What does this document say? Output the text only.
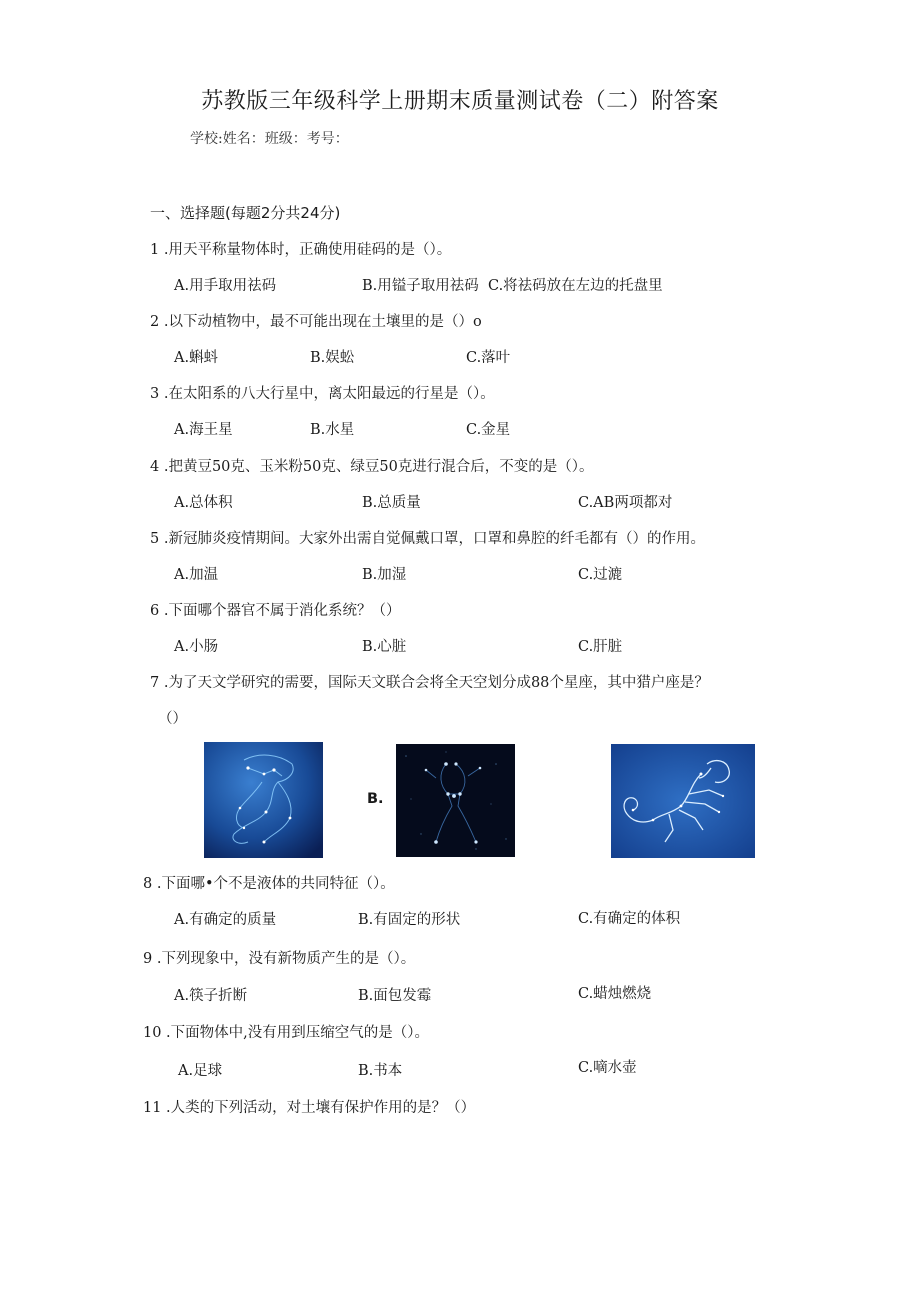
苏教版三年级科学上册期末质量测试卷（二）附答案
学校:姓名：班级：考号：
一、选择题(每题2分共24分)
1 .用天平称量物体时，正确使用硅码的是（）。
A.用手取用祛码	B.用镒子取用祛码 C.将祛码放在左边的托盘里
2 .以下动植物中，最不可能出现在土壤里的是（）o
A.蝌蚪	B.娱蚣	C.落叶
3 .在太阳系的八大行星中，离太阳最远的行星是（）。
A.海王星	B.水星	C.金星
4 .把黄豆50克、玉米粉50克、绿豆50克进行混合后，不变的是（）。
A.总体积	B.总质量	C.AB两项都对
5 .新冠肺炎疫情期间。大家外出需自觉佩戴口罩，口罩和鼻腔的纤毛都有（）的作用。
A.加温	B.加湿	C.过漉
6 .下面哪个器官不属于消化系统？（）
A.小肠	B.心脏	C.肝脏
7 .为了天文学研究的需要，国际天文联合会将全天空划分成88个星座，其中猎户座是？
（）
B.
8 .下面哪•个不是液体的共同特征（）。
A.有确定的质量	B.有固定的形状	C.有确定的体积
9 .下列现象中，没有新物质产生的是（）。
A.筷子折断	B.面包发霉	C.蜡烛燃烧
10 .下面物体中,没有用到压缩空气的是（）。
A.足球	B.书本	C.嘀水壶
11 .人类的下列活动，对土壤有保护作用的是？（）
